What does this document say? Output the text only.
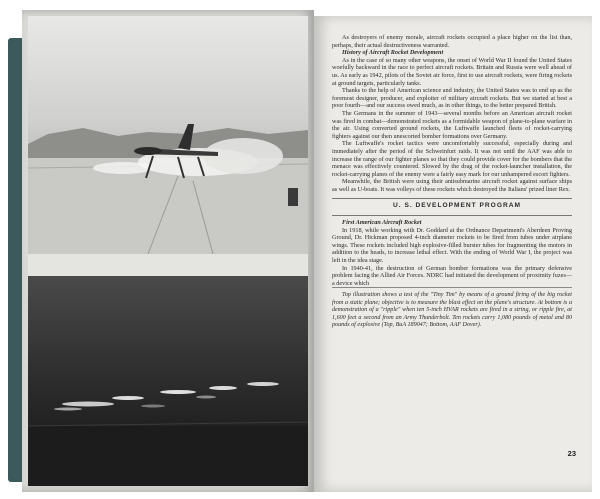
As destroyers of enemy morale, aircraft rockets occupied a place higher on the list than, perhaps, their actual destructiveness warranted.

History of Aircraft Rocket Development

As in the case of so many other weapons, the onset of World War II found the United States woefully backward in the race to perfect aircraft rockets. Britain and Russia were well ahead of us. As early as 1942, pilots of the Soviet air force, first to use aircraft rockets, were firing rockets at ground targets, particularly tanks.

Thanks to the help of American science and industry, the United States was to end up as the foremost designer, producer, and exploiter of military aircraft rockets. But we started at best a poor fourth—and our success owed much, as in other things, to the better prepared British.

The Germans in the summer of 1943—several months before an American aircraft rocket was fired in combat—demonstrated rockets as a formidable weapon of plane-to-plane warfare in the air. Using converted ground rockets, the Luftwaffe launched fleets of rocket-carrying fighters against our then unescorted bomber formations over Germany.

The Luftwaffe's rocket tactics were uncomfortably successful, especially during and immediately after the period of the Schweinfurt raids. It was not until the AAF was able to increase the range of our fighter planes so that they could provide cover for the bombers that the menace was effectively countered. Slowed by the drag of the rocket-launcher installation, the rocket-carrying planes of the enemy were a fairly easy mark for our unhampered escort fighters.

Meanwhile, the British were using their antisubmarine aircraft rocket against surface ships as well as U-boats. It was volleys of these rockets which destroyed the Italians' prized liner Rex.

U. S. DEVELOPMENT PROGRAM

First American Aircraft Rocket

In 1918, while working with Dr. Goddard at the Ordnance Department's Aberdeen Proving Ground, Dr. Hickman proposed 4-inch diameter rockets to be fired from tubes under airplane wings. These rockets included high explosive-filled burster tubes for fragmenting the motors in addition to the heads, to increase lethal effect. With the ending of World War I, the project was left in the idea stage.

In 1940-41, the destruction of German bomber formations was the primary defensive problem facing the Allied Air Forces. NDRC had initiated the development of proximity fuzes—a device which

Top illustration shows a test of the "Tiny Tim" by means of a ground firing of the big rocket from a static plane; objective is to measure the blast effect on the plane's structure. At bottom is a demonstration of a "ripple" when ten 5-inch HVAR rockets are fired in a string, or ripple fire, at 1,600 feet a second from an Army Thunderbolt. Ten rockets carry 1,080 pounds of metal and 80 pounds of explosive (Top, BuA 189047; Bottom, AAF Dover).

23
